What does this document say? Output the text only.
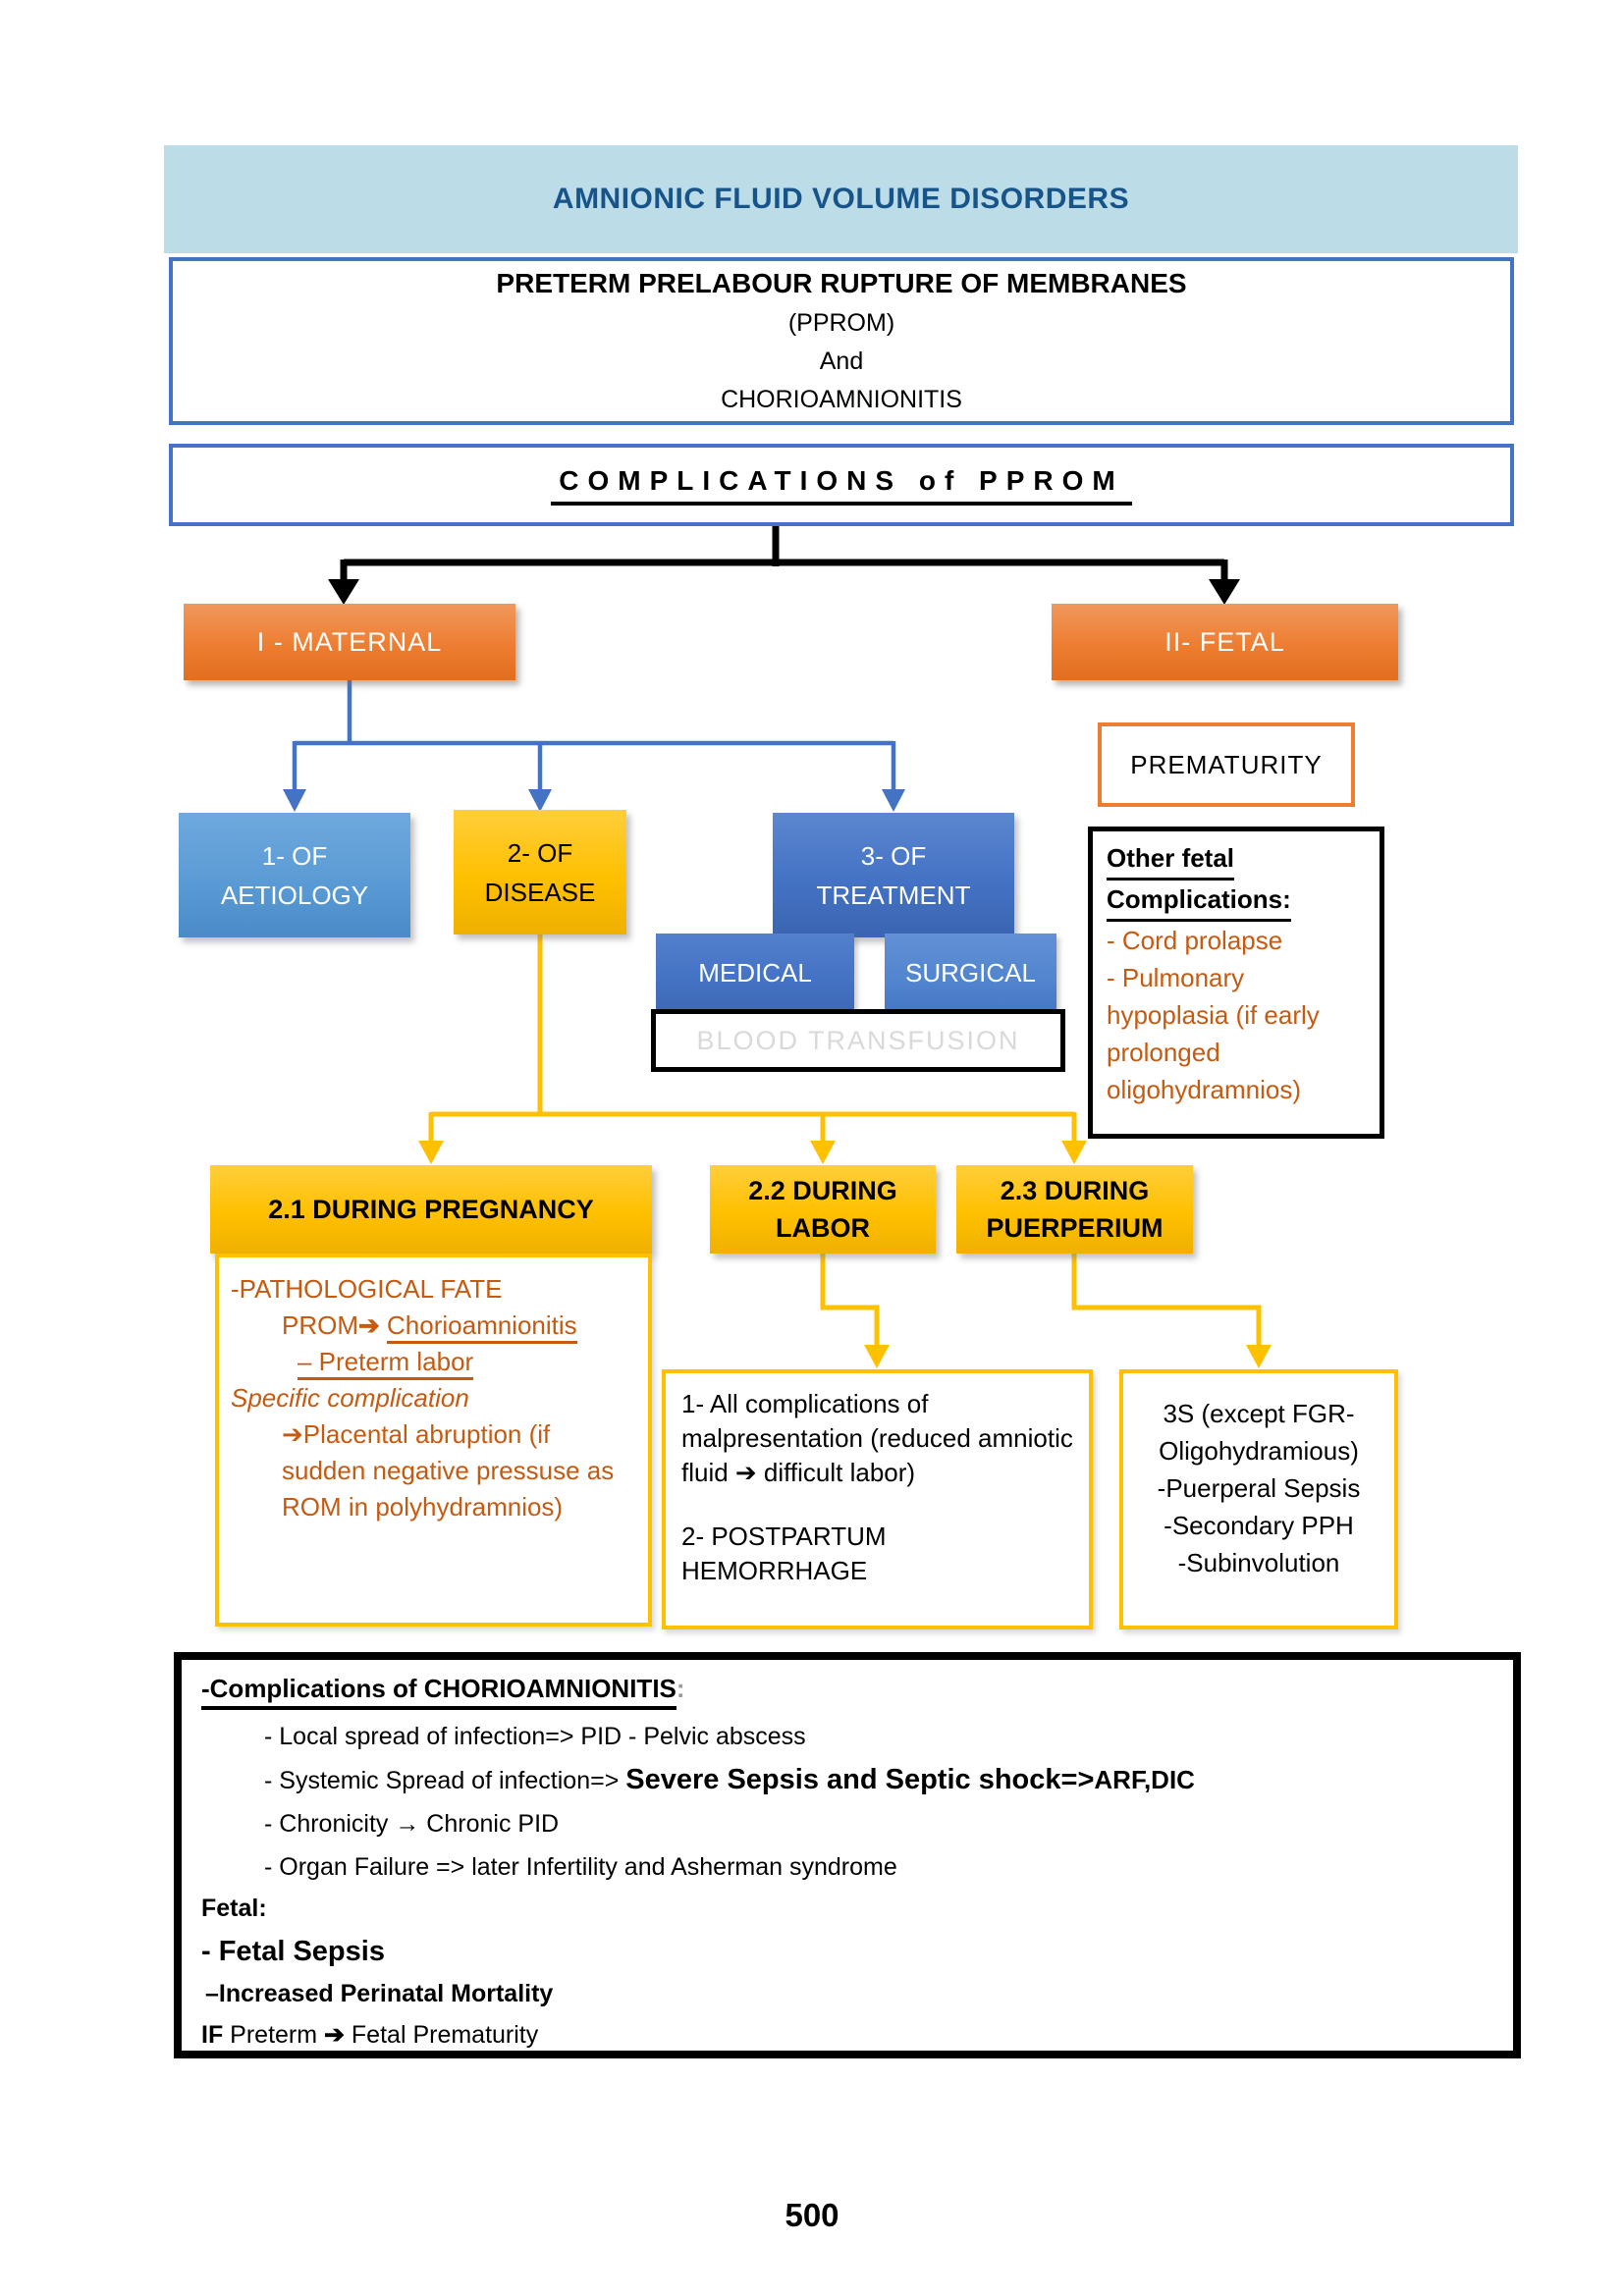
AMNIONIC FLUID VOLUME DISORDERS
PRETERM PRELABOUR RUPTURE OF MEMBRANES
(PPROM)
And
CHORIOAMNIONITIS
COMPLICATIONS of PPROM
I - MATERNAL	II- FETAL
1- OF
AETIOLOGY
2- OF
DISEASE
3- OF
TREATMENT
MEDICAL	SURGICAL
BLOOD TRANSFUSION
PREMATURITY
Other fetal
Complications:
- Cord prolapse
- Pulmonary hypoplasia (if early prolonged oligohydramnios)
2.1 DURING PREGNANCY
2.2 DURING
LABOR
2.3 DURING
PUERPERIUM

-PATHOLOGICAL FATE

PROM➔ Chorioamnionitis

– Preterm labor

Specific complication

➔Placental abruption (if sudden negative pressuse as ROM in polyhydramnios)

1- All complications of malpresentation (reduced amniotic fluid ➔ difficult labor)

2- POSTPARTUM

HEMORRHAGE

3S (except FGR-
Oligohydramious)
-Puerperal Sepsis
-Secondary PPH
-Subinvolution
-Complications of CHORIOAMNIONITIS:
- Local spread of infection=> PID - Pelvic abscess
- Systemic Spread of infection=> Severe Sepsis and Septic shock=>ARF,DIC
- Chronicity → Chronic PID
- Organ Failure => later Infertility and Asherman syndrome
Fetal:
- Fetal Sepsis
–Increased Perinatal Mortality
IF Preterm ➔ Fetal Prematurity
500
